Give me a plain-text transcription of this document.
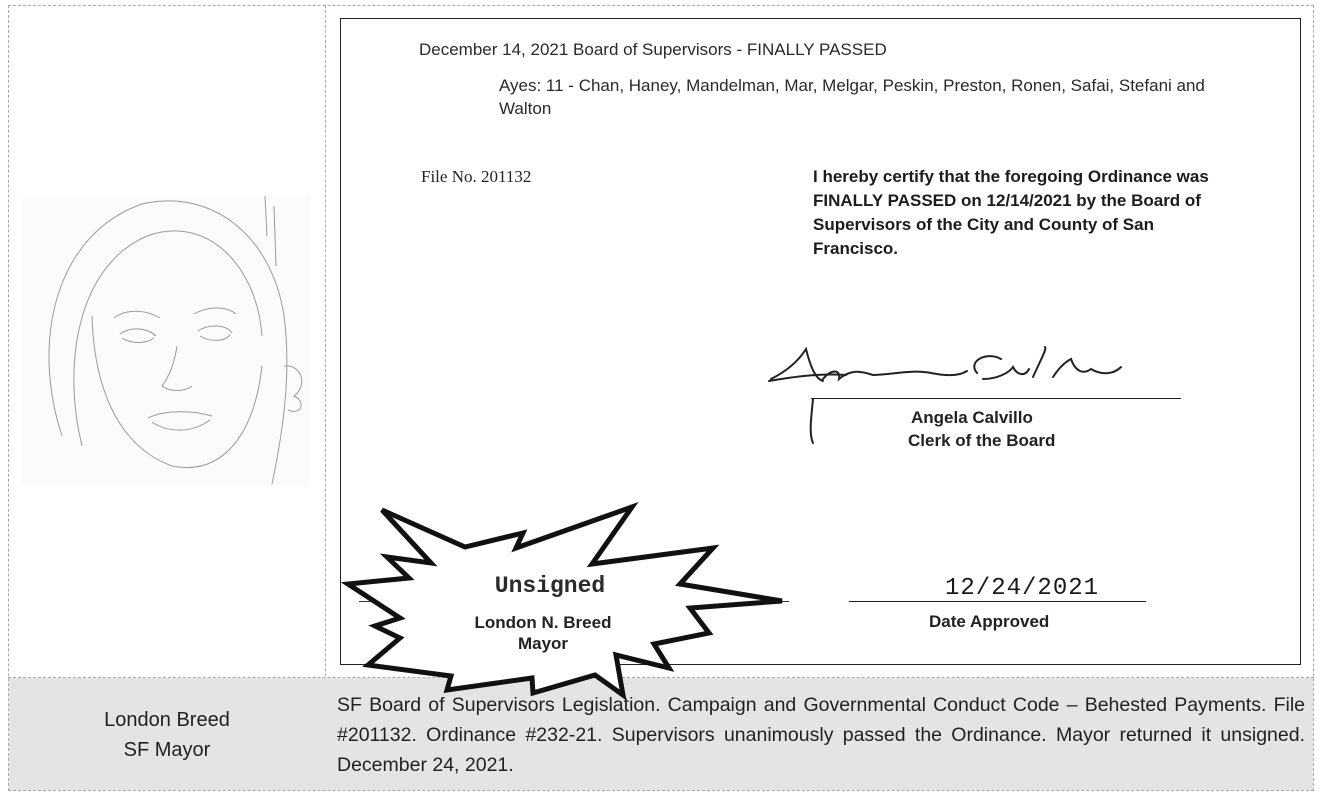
December 14, 2021 Board of Supervisors - FINALLY PASSED
Ayes: 11 - Chan, Haney, Mandelman, Mar, Melgar, Peskin, Preston, Ronen, Safai, Stefani and Walton
File No. 201132	I hereby certify that the foregoing Ordinance was FINALLY PASSED on 12/14/2021 by the Board of Supervisors of the City and County of San Francisco.
Angela Calvillo
Clerk of the Board
12/24/2021
Date Approved
Unsigned
London N. Breed
Mayor
London Breed
SF Mayor
SF Board of Supervisors Legislation. Campaign and Governmental Conduct Code – Behested Payments. File #201132. Ordinance #232-21. Supervisors unanimously passed the Ordinance. Mayor returned it unsigned. December 24, 2021.
